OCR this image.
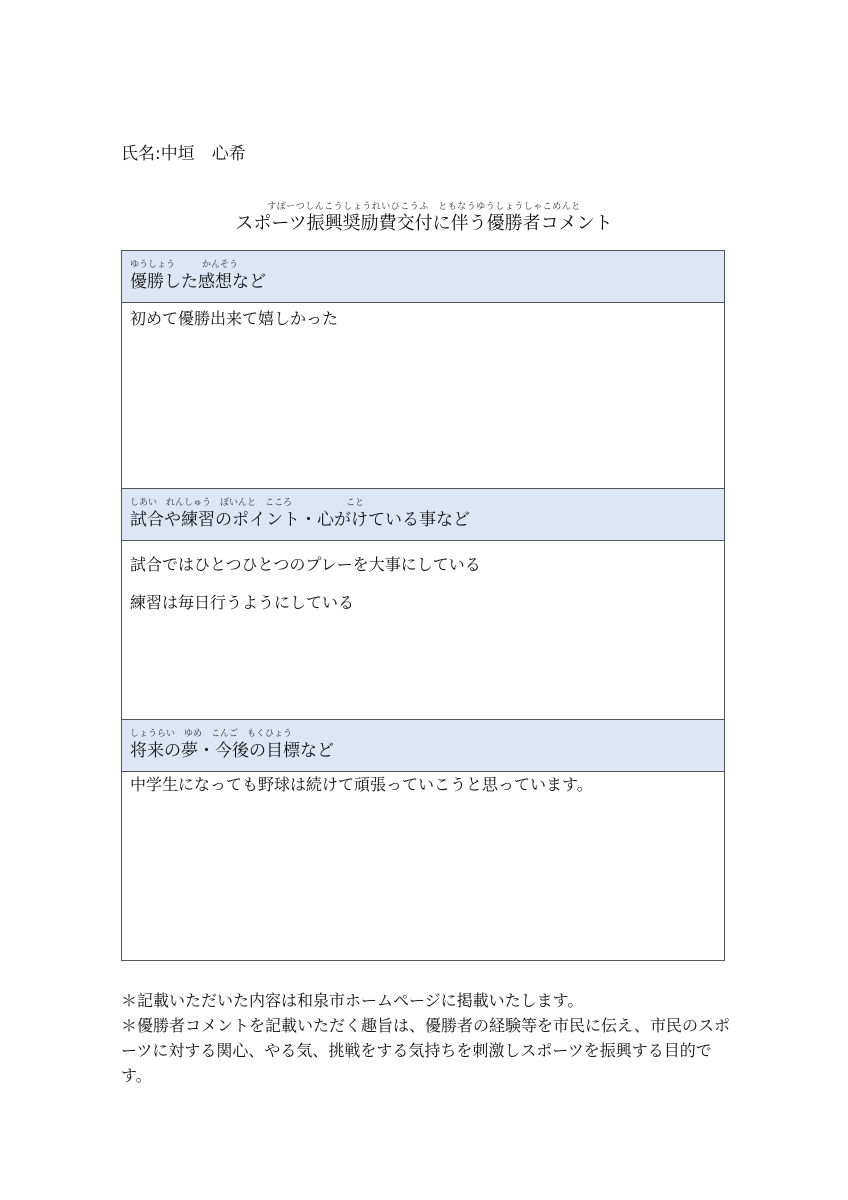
氏名:中垣　心希
すぽーつしんこうしょうれいひこうふ　ともなうゆうしょうしゃこめんと
スポーツ振興奨励費交付に伴う優勝者コメント
ゆうしょう　　　かんそう
優勝した感想など

初めて優勝出来て嬉しかった

しあい　れんしゅう　ぽいんと　こころ　　　　　　こと
試合や練習のポイント・心がけている事など

試合ではひとつひとつのプレーを大事にしている

練習は毎日行うようにしている

しょうらい　ゆめ　こんご　もくひょう
将来の夢・今後の目標など

中学生になっても野球は続けて頑張っていこうと思っています。

＊記載いただいた内容は和泉市ホームページに掲載いたします。

＊優勝者コメントを記載いただく趣旨は、優勝者の経験等を市民に伝え、市民のスポーツに対する関心、やる気、挑戦をする気持ちを刺激しスポーツを振興する目的です。
